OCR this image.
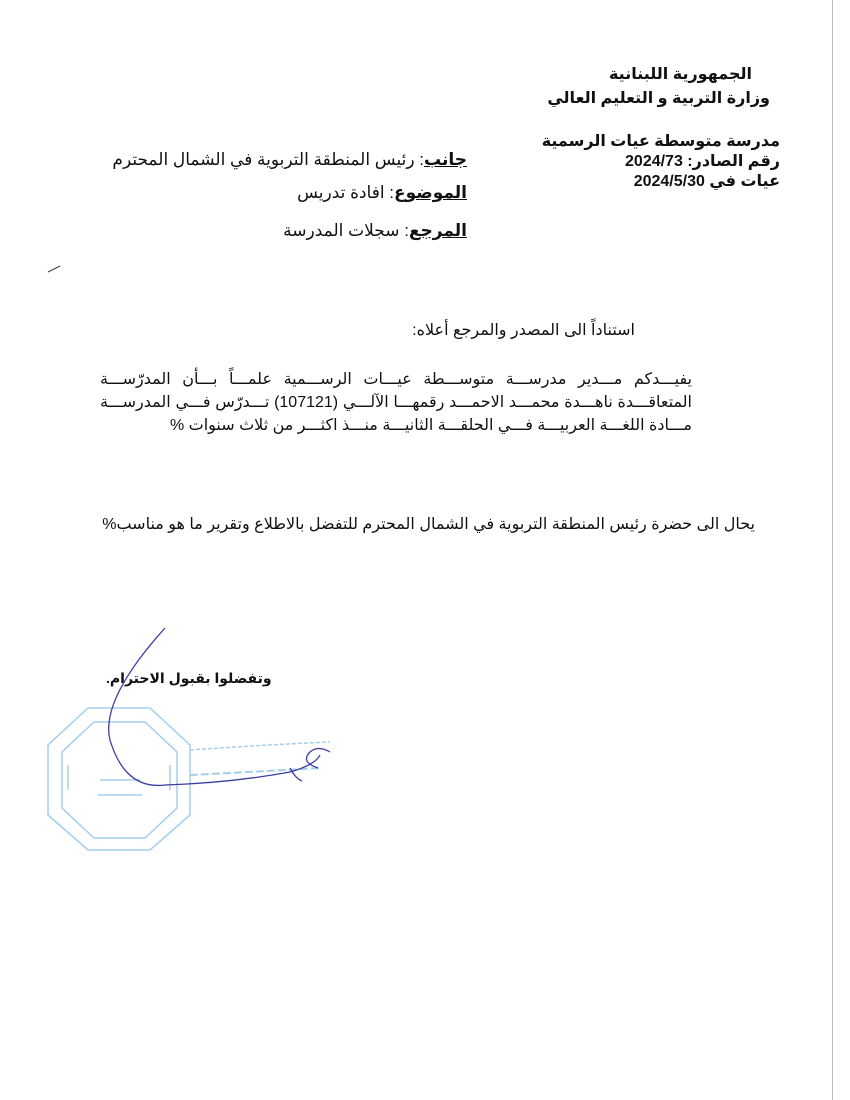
الجمهورية اللبنانية
وزارة التربية و التعليم العالي
مدرسة متوسطة عيات الرسمية
رقم الصادر: 2024/73
عيات في 2024/5/30
جانب: رئيس المنطقة التربوية في الشمال المحترم
الموضوع: افادة تدريس
المرجع: سجلات المدرسة
استناداً الى المصدر والمرجع أعلاه:
يفيـــدكم مـــدير مدرســـة متوســـطة عيـــات الرســـمية علمـــاً بـــأن المدرّســـة المتعاقـــدة ناهـــدة محمـــد الاحمـــد رقمهـــا الآلـــي (107121) تـــدرّس فـــي المدرســـة مـــادة اللغـــة العربيـــة فـــي الحلقـــة الثانيـــة منـــذ اكثـــر من ثلاث سنوات %
يحال الى حضرة رئيس المنطقة التربوية في الشمال المحترم للتفضل بالاطلاع وتقرير ما هو مناسب%
وتفضلوا بقبول الاحترام.
